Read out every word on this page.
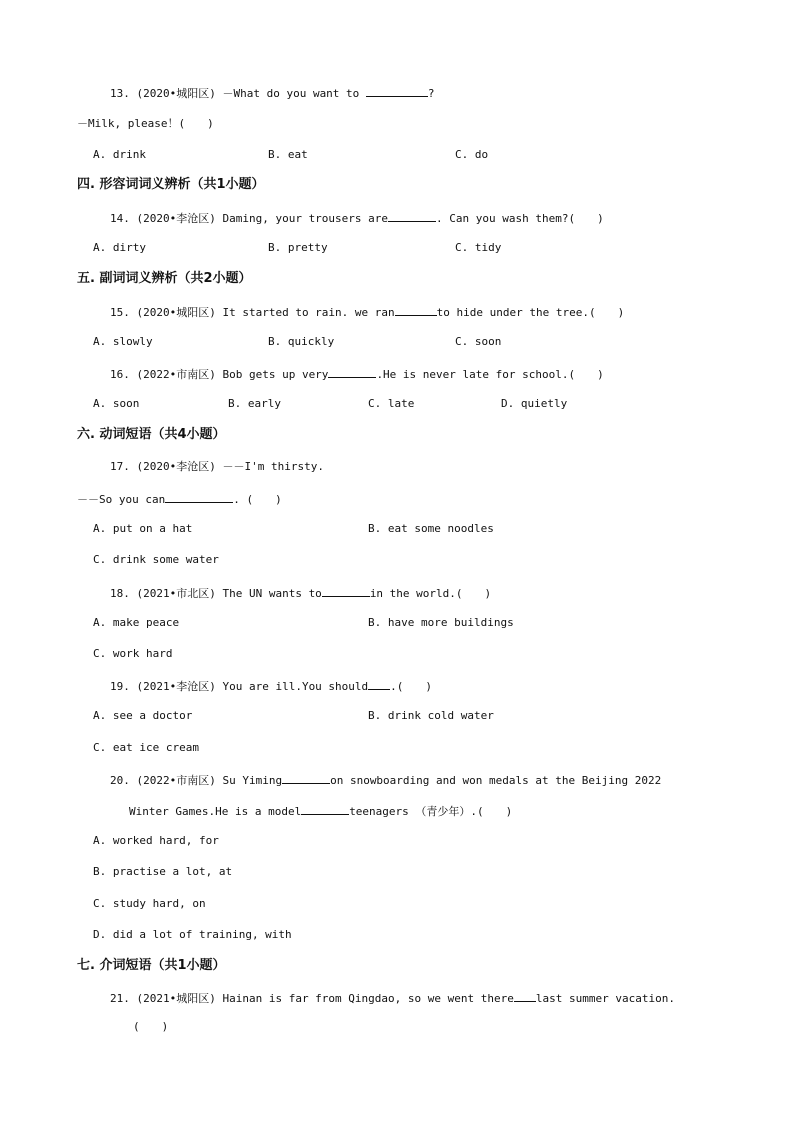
13. (2020•城阳区) －What do you want to	?
－Milk, please！(　　)
A. drink	B. eat	C. do
四. 形容词词义辨析（共1小题）
14. (2020•李沧区) Daming, your trousers are	. Can you wash them?(　　)
A. dirty	B. pretty	C. tidy
五. 副词词义辨析（共2小题）
15. (2020•城阳区) It started to rain. we ran	to hide under the tree.(　　)
A. slowly	B. quickly	C. soon
16. (2022•市南区) Bob gets up very	.He is never late for school.(　　)
A. soon	B. early	C. late	D. quietly
六. 动词短语（共4小题）
17. (2020•李沧区) －－I'm thirsty.
－－So you can	. (　　)
A. put on a hat	B. eat some noodles
C. drink some water
18. (2021•市北区) The UN wants to	in the world.(　　)
A. make peace	B. have more buildings
C. work hard
19. (2021•李沧区) You are ill.You should .(　　)
A. see a doctor	B. drink cold water
C. eat ice cream
20. (2022•市南区) Su Yiming	on snowboarding and won medals at the Beijing 2022
Winter Games.He is a model	teenagers （青少年）.(　　)
A. worked hard, for
B. practise a lot, at
C. study hard, on
D. did a lot of training, with
七. 介词短语（共1小题）
21. (2021•城阳区) Hainan is far from Qingdao, so we went there last summer vacation.
(　　)
